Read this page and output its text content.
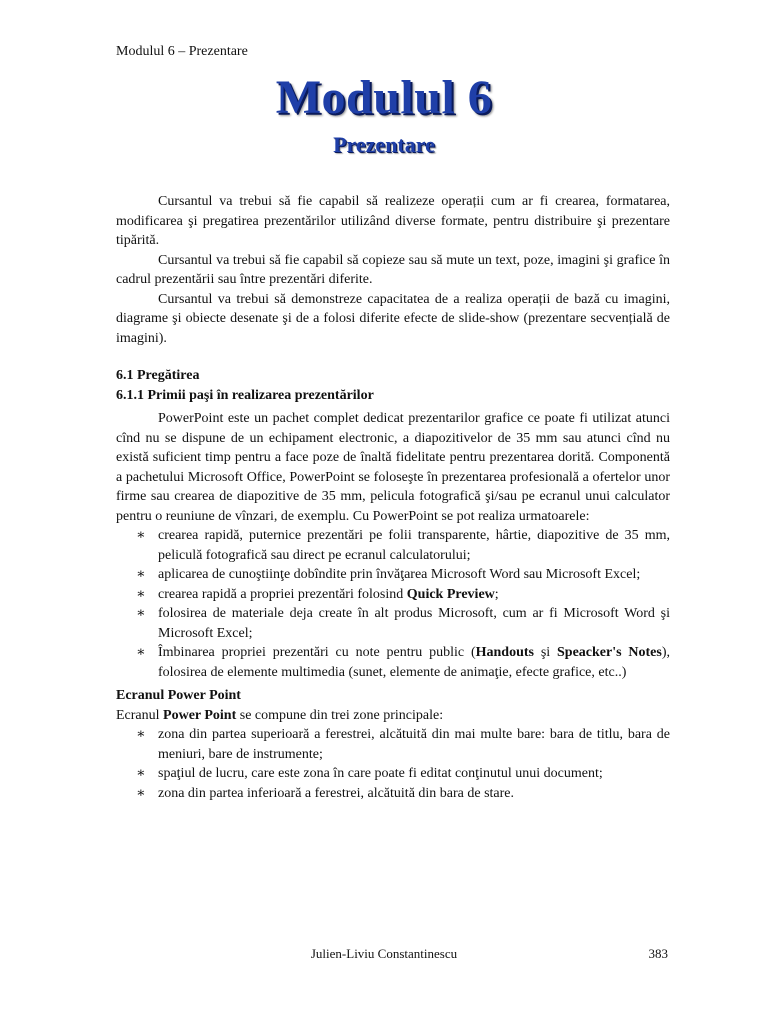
Modulul 6 – Prezentare
Modulul 6
Prezentare

Cursantul va trebui să fie capabil să realizeze operații cum ar fi crearea, formatarea, modificarea şi pregatirea prezentărilor utilizând diverse formate, pentru distribuire şi prezentare tipărită.

Cursantul va trebui să fie capabil să copieze sau să mute un text, poze, imagini şi grafice în cadrul prezentării sau între prezentări diferite.

Cursantul va trebui să demonstreze capacitatea de a realiza operații de bază cu imagini, diagrame şi obiecte desenate şi de a folosi diferite efecte de slide-show (prezentare secvențială de imagini).

6.1 Pregătirea

6.1.1 Primii paşi în realizarea prezentărilor

PowerPoint este un pachet complet dedicat prezentarilor grafice ce poate fi utilizat atunci cînd nu se dispune de un echipament electronic, a diapozitivelor de 35 mm sau atunci cînd nu există suficient timp pentru a face poze de înaltă fidelitate pentru prezentarea dorită. Componentă a pachetului Microsoft Office, PowerPoint se foloseşte în prezentarea profesională a ofertelor unor firme sau crearea de diapozitive de 35 mm, pelicula fotografică şi/sau pe ecranul unui calculator pentru o reuniune de vînzari, de exemplu. Cu PowerPoint se pot realiza urmatoarele:

∗ crearea rapidă, puternice prezentări pe folii transparente, hârtie, diapozitive de 35 mm, peliculă fotografică sau direct pe ecranul calculatorului;
∗ aplicarea de cunoştiinţe dobîndite prin învăţarea Microsoft Word sau Microsoft Excel;
∗ crearea rapidă a propriei prezentări folosind Quick Preview;
∗ folosirea de materiale deja create în alt produs Microsoft, cum ar fi Microsoft Word şi Microsoft Excel;
∗ Îmbinarea propriei prezentări cu note pentru public (Handouts şi Speacker's Notes), folosirea de elemente multimedia (sunet, elemente de animaţie, efecte grafice, etc..)

Ecranul Power Point

Ecranul Power Point se compune din trei zone principale:

∗ zona din partea superioară a ferestrei, alcătuită din mai multe bare: bara de titlu, bara de meniuri, bare de instrumente;
∗ spaţiul de lucru, care este zona în care poate fi editat conţinutul unui document;
∗ zona din partea inferioară a ferestrei, alcătuită din bara de stare.
Julien-Liviu Constantinescu	383
